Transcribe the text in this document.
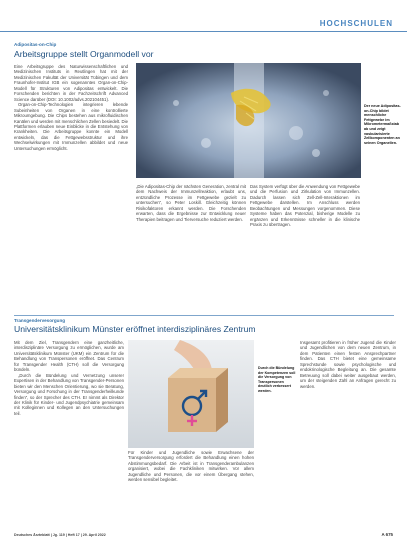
HOCHSCHULEN
Adipositas-on-Chip
Arbeitsgruppe stellt Organmodell vor

Eine Arbeitsgruppe des Naturwissenschaftlichen und Medizinischen Instituts in Reutlingen hat mit der Medizinischen Fakultät der Universität Tübingen und dem Fraunhofer-Institut IGB ein sogenanntes Organ-on-Chip-Modell für Strukturen von Adipositas entwickelt. Die Forschenden berichten in der Fachzeitschrift Advanced Science darüber (DOI: 10.1002/advs.202104451).

Organ-on-Chip-Technologien integrieren lebende Subeinheiten von Organen in eine kontrollierte Mikroumgebung. Die Chips bestehen aus mikrofluidischen Kanälen und werden mit menschlichen Zellen besiedelt. Die Plattformen erlauben neue Einblicke in die Entstehung von Krankheiten. Die Arbeitsgruppe konnte ein Modell entwickeln, das die Fettgewebsstruktur und ihre Wechselwirkungen mit Immunzellen abbildet und neue Untersuchungen ermöglicht.

Der neue Adipositas-on-Chip bildet menschliche Fettgewebe im Mikrometermaßstab ab und zeigt vaskularisierte Zellkomponenten an seinen Organellen.
„Die Adipositas-Chip der nächsten Generation, zentral mit dem Nachweis der Immunzellreaktion, erlaubt uns, entzündliche Prozesse im Fettgewebe gezielt zu untersuchen“, so Peter Loskill. Gleichzeitig können Risikofaktoren erkannt werden. Die Forschenden erwarten, dass die Ergebnisse zur Entwicklung neuer Therapien beitragen und Tierversuche reduziert werden.
Das System verfügt über die Anwendung von Fettgewebe und die Perfusion und Zirkulation von Immunzellen. Dadurch lassen sich Zell-Zell-Interaktionen im Fettgewebe darstellen. Im Anschluss werden Beobachtungen und Messungen vorgenommen. Diese Systeme haben das Potenzial, bisherige Modelle zu ergänzen und Erkenntnisse schneller in die klinische Praxis zu übertragen.
Transgendervesorgung
Universitätsklinikum Münster eröffnet interdisziplinäres Zentrum

Mit dem Ziel, Transgendern eine ganzheitliche, interdisziplinäre Versorgung zu ermöglichen, wurde am Universitätsklinikum Münster (UKM) ein Zentrum für die Behandlung von Transpersonen eröffnet. Das Centrum für Transgender Health (CTH) soll die Versorgung bündeln.

„Durch die Bündelung und Vernetzung unserer Expertisen in der Behandlung von Transgender-Personen bieten wir den Menschen Orientierung, wo sie Beratung, Versorgung und Forschung in der Transgenderheilkunde finden“, so der Sprecher des CTH. Er nimmt als Direktor der Klinik für Kinder- und Jugendpsychiatrie gemeinsam mit Kolleginnen und Kollegen an den Untersuchungen teil.

Durch die Bündelung der Kompetenzen soll die Versorgung von Transpersonen deutlich verbessert werden.
Für Kinder und Jugendliche sowie Erwachsene der Transgenderversorgung erfordert die Behandlung einen hohen Abstimmungsbedarf. Die Arbeit ist in Transgenderambulanzen organisiert, wobei die Fachkliniken mitwirken. Vor allem Jugendliche und Personen, die vor einem Übergang stehen, werden sensibel begleitet.
Insgesamt profitieren in früher Jugend die Kinder und Jugendlichen von dem neuen Zentrum, in dem Patienten einen festen Ansprechpartner finden. Das CTH bietet eine gemeinsame Sprechstunde sowie psychologische und endokrinologische Begleitung an. Die gesamte Betreuung soll dabei weiter ausgebaut werden, um der steigenden Zahl an Anfragen gerecht zu werden.
Deutsches Ärzteblatt | Jg. 119 | Heft 17 | 29. April 2022	A 675
